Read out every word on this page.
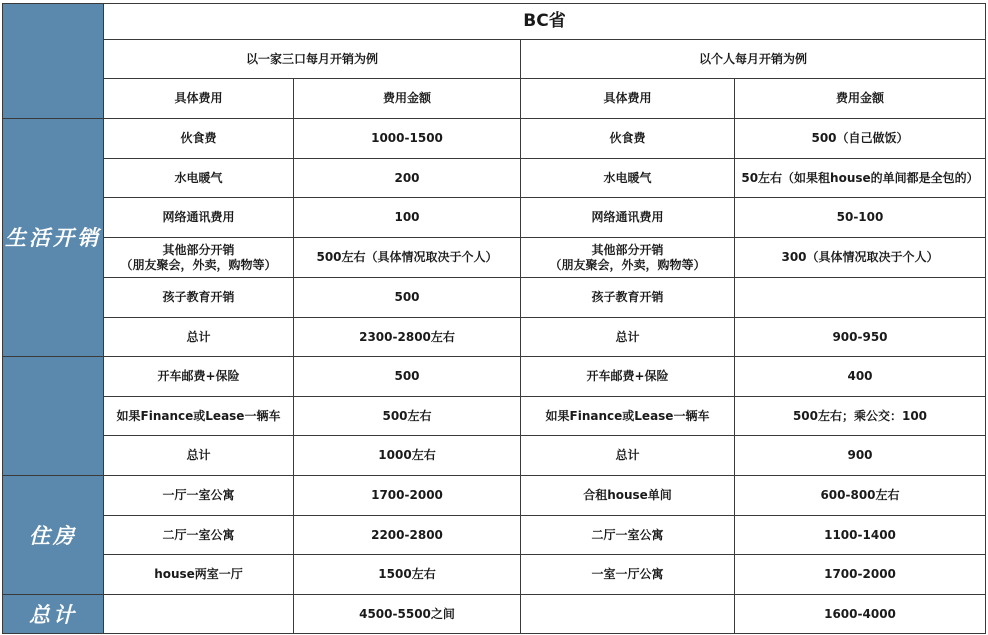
	BC省			
	以一家三口每月开销为例		以个人每月开销为例	
	具体费用	费用金额	具体费用	费用金额
生活开销	伙食费	1000-1500	伙食费	500（自己做饭）
	水电暖气	200	水电暖气	50左右（如果租house的单间都是全包的）
	网络通讯费用	100	网络通讯费用	50-100

	其他部分开销
（朋友聚会，外卖，购物等）	500左右（具体情况取决于个人）	其他部分开销
（朋友聚会，外卖，购物等）	300（具体情况取决于个人）
	孩子教育开销	500	孩子教育开销	
	总计	2300-2800左右	总计	900-950
	开车邮费+保险	500	开车邮费+保险	400
	如果Finance或Lease一辆车	500左右	如果Finance或Lease一辆车	500左右；乘公交：100
	总计	1000左右	总计	900
住房	一厅一室公寓	1700-2000	合租house单间	600-800左右
	二厅一室公寓	2200-2800	二厅一室公寓	1100-1400
	house两室一厅	1500左右	一室一厅公寓	1700-2000
总计		4500-5500之间		1600-4000
